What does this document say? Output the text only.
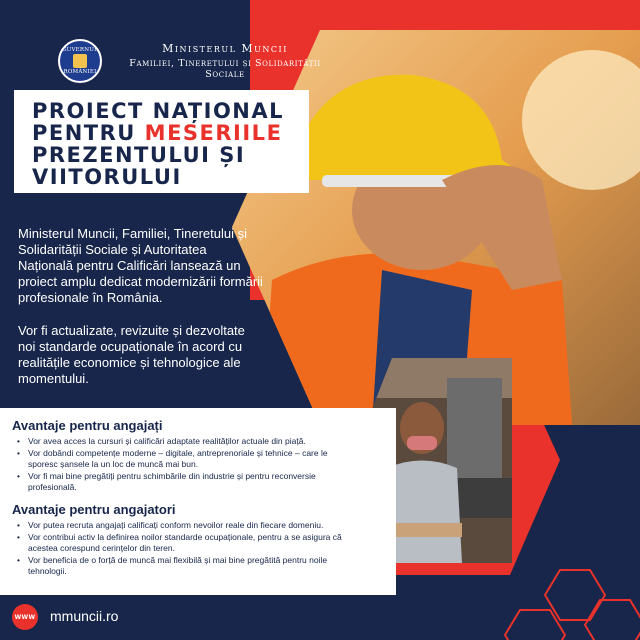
GUVERNUL
ROMÂNIEI
Ministerul Muncii
Familiei, Tineretului și Solidarității Sociale
PROIECT NAȚIONAL PENTRU MESERIILE PREZENTULUI ȘI VIITORULUI

Ministerul Muncii, Familiei, Tineretului și Solidarității Sociale și Autoritatea Națională pentru Calificări lansează un proiect amplu dedicat modernizării formării profesionale în România.

Vor fi actualizate, revizuite și dezvoltate noi standarde ocupaționale în acord cu realitățile economice și tehnologice ale momentului.

Avantaje pentru angajați
• Vor avea acces la cursuri și calificări adaptate realităților actuale din piață.
• Vor dobândi competențe moderne – digitale, antreprenoriale și tehnice – care le sporesc șansele la un loc de muncă mai bun.
• Vor fi mai bine pregătiți pentru schimbările din industrie și pentru reconversie profesională.
Avantaje pentru angajatori
• Vor putea recruta angajați calificați conform nevoilor reale din fiecare domeniu.
• Vor contribui activ la definirea noilor standarde ocupaționale, pentru a se asigura că acestea corespund cerințelor din teren.
• Vor beneficia de o forță de muncă mai flexibilă și mai bine pregătită pentru noile tehnologii.
WWW mmuncii.ro
